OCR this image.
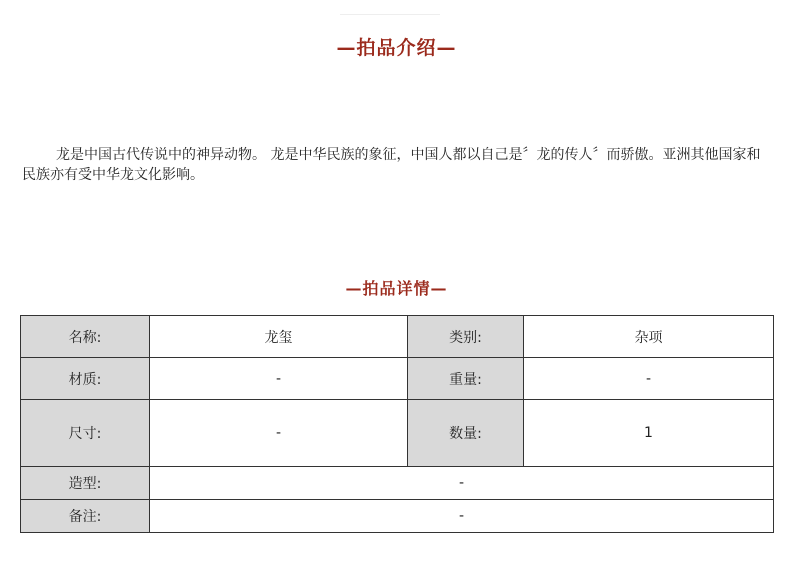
—拍品介绍—

龙是中国古代传说中的神异动物。 龙是中华民族的象征，中国人都以自己是〞龙的传人〞而骄傲。亚洲其他国家和民族亦有受中华龙文化影响。

—拍品详情—
名称:	龙玺	类别:	杂项
材质:	-	重量:	-
尺寸:	-	数量:	1
造型:	-		
备注:	-		
